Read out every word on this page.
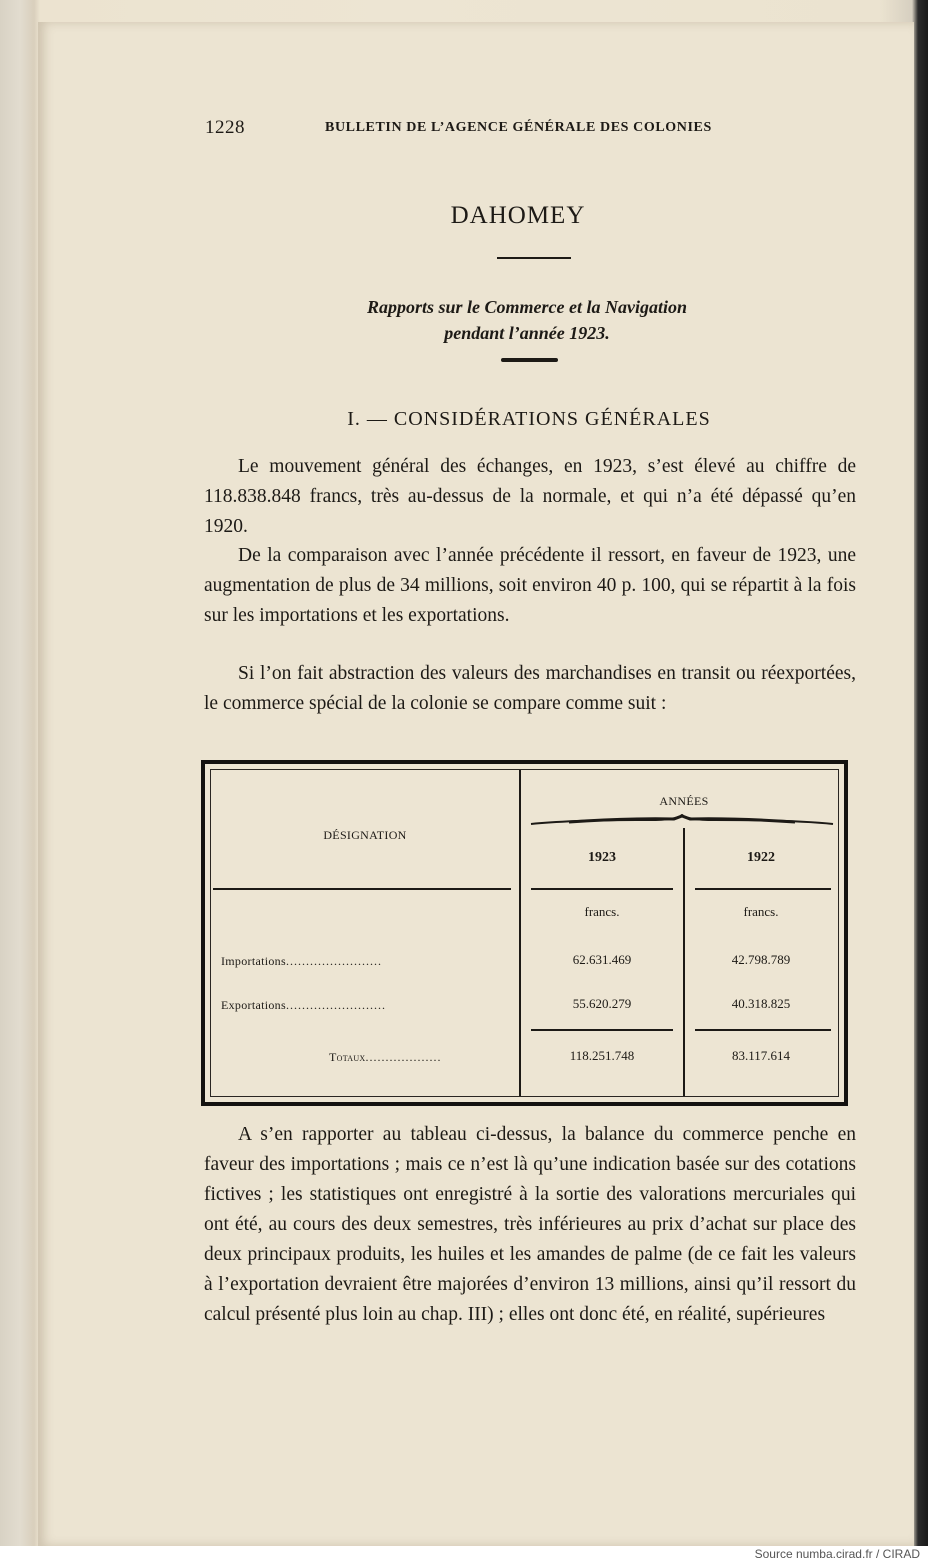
1228	BULLETIN DE L’AGENCE GÉNÉRALE DES COLONIES
DAHOMEY
Rapports sur le Commerce et la Navigation
pendant l’année 1923.
I. — CONSIDÉRATIONS GÉNÉRALES
Le mouvement général des échanges, en 1923, s’est élevé au chiffre de 118.838.848 francs, très au-dessus de la normale, et qui n’a été dépassé qu’en 1920.
De la comparaison avec l’année précédente il ressort, en faveur de 1923, une augmentation de plus de 34 millions, soit environ 40 p. 100, qui se répartit à la fois sur les importations et les exportations.
Si l’on fait abstraction des valeurs des marchandises en transit ou réexportées, le commerce spécial de la colonie se compare comme suit :
DÉSIGNATION
ANNÉES
1923	1922
francs.	francs.
Importations........................	62.631.469	42.798.789
Exportations.........................	55.620.279	40.318.825
Totaux...................	118.251.748	83.117.614
A s’en rapporter au tableau ci-dessus, la balance du commerce penche en faveur des importations ; mais ce n’est là qu’une indication basée sur des cotations fictives ; les statistiques ont enregistré à la sortie des valorations mercuriales qui ont été, au cours des deux semestres, très inférieures au prix d’achat sur place des deux principaux produits, les huiles et les amandes de palme (de ce fait les valeurs à l’exportation devraient être majorées d’environ 13 millions, ainsi qu’il ressort du calcul présenté plus loin au chap. III) ; elles ont donc été, en réalité, supérieures
Source numba.cirad.fr / CIRAD
